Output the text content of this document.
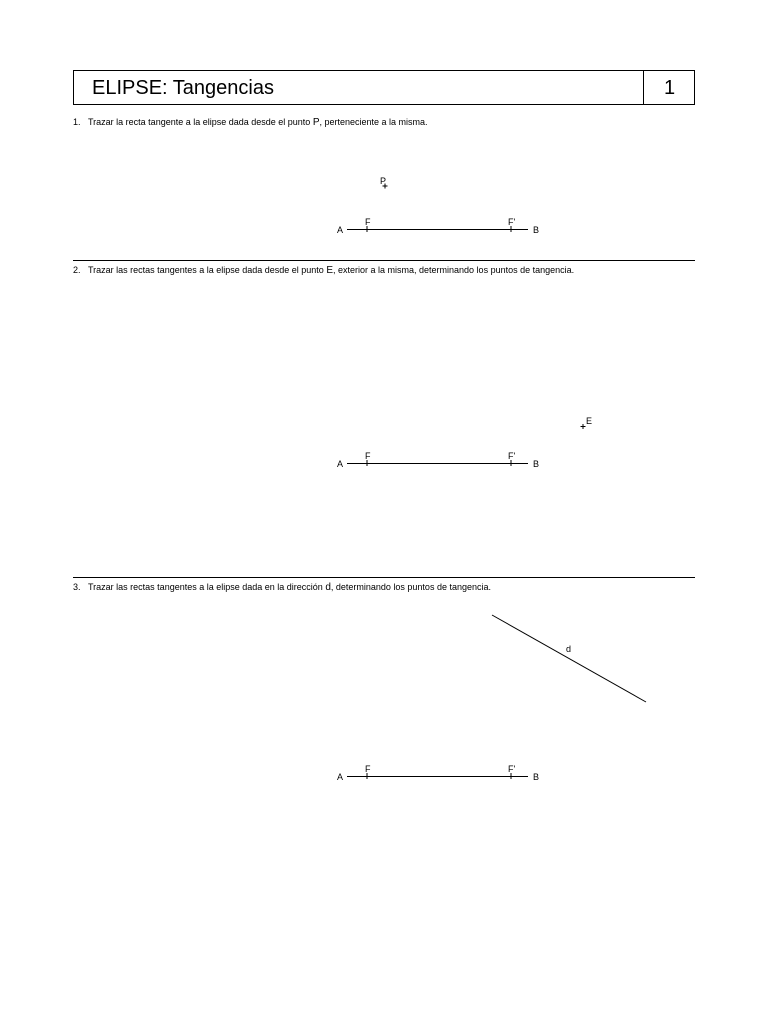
ELIPSE: Tangencias	1
1. Trazar la recta tangente a la elipse dada desde el punto P, perteneciente a la misma.
P
A	B
F	F'
2. Trazar las rectas tangentes a la elipse dada desde el punto E, exterior a la misma, determinando los puntos de tangencia.
E
A	B
F	F'
3. Trazar las rectas tangentes a la elipse dada en la dirección d, determinando los puntos de tangencia.
d
A	B
F	F'
